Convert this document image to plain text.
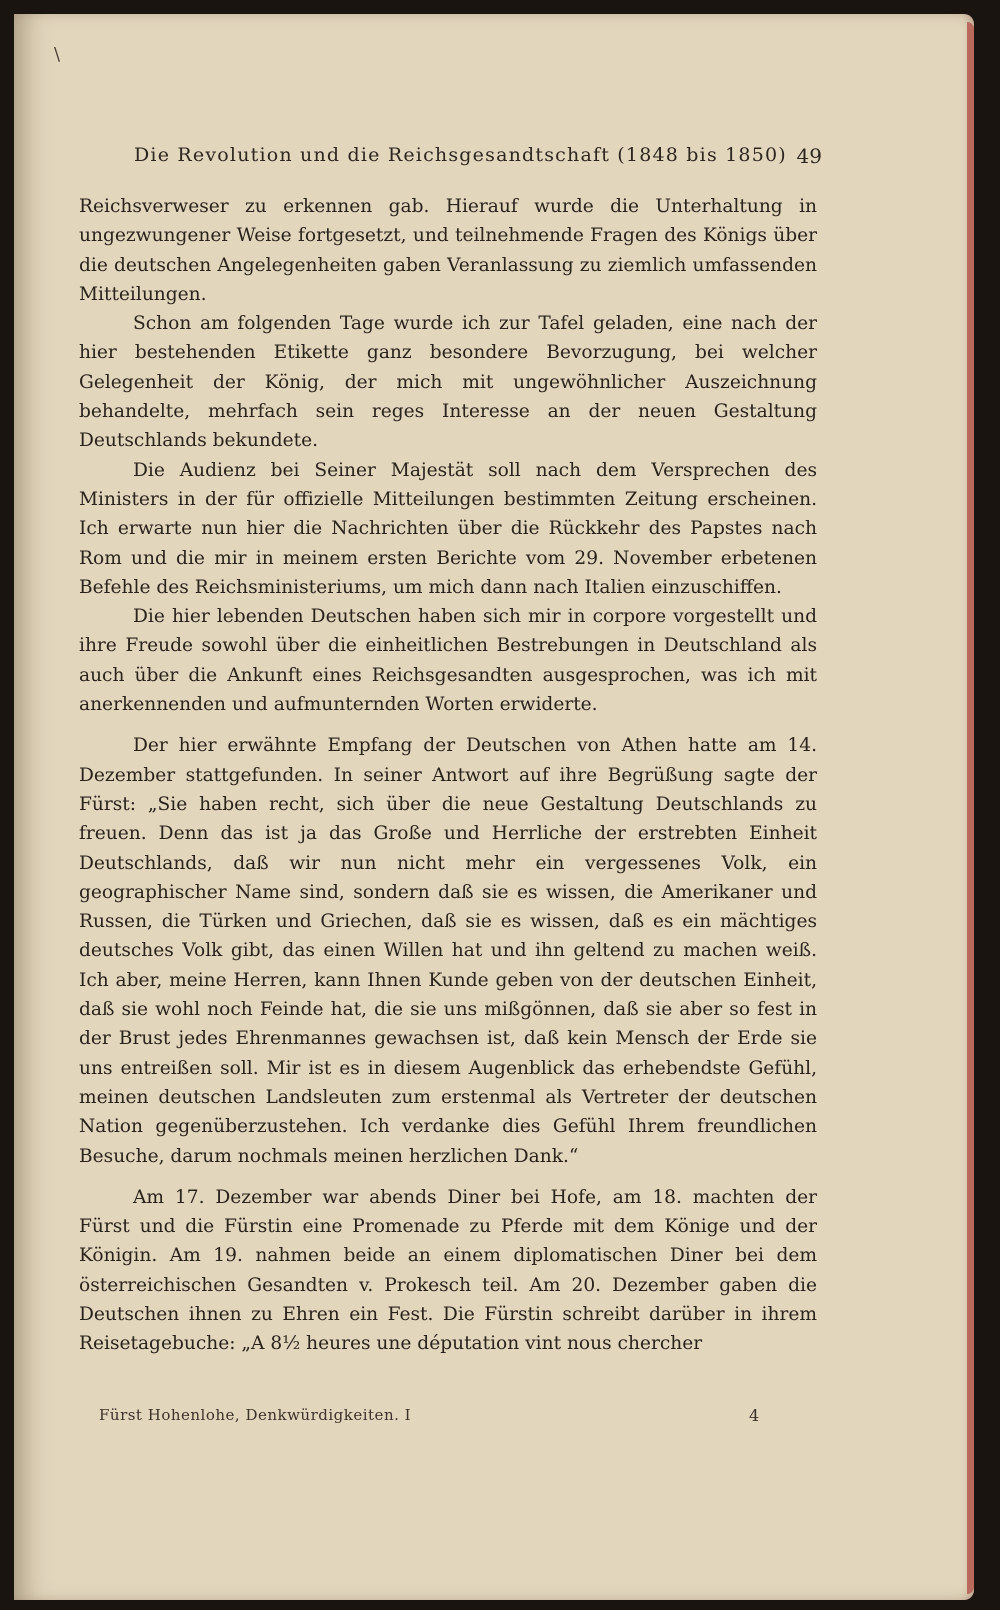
\
Die Revolution und die Reichsgesandtschaft (1848 bis 1850) 49

Reichsverweser zu erkennen gab. Hierauf wurde die Unterhaltung in ungezwungener Weise fortgesetzt, und teilnehmende Fragen des Königs über die deutschen Angelegenheiten gaben Veranlassung zu ziemlich umfassenden Mitteilungen.

Schon am folgenden Tage wurde ich zur Tafel geladen, eine nach der hier bestehenden Etikette ganz besondere Bevorzugung, bei welcher Gelegenheit der König, der mich mit ungewöhnlicher Auszeichnung behandelte, mehrfach sein reges Interesse an der neuen Gestaltung Deutschlands bekundete.

Die Audienz bei Seiner Majestät soll nach dem Versprechen des Ministers in der für offizielle Mitteilungen bestimmten Zeitung erscheinen. Ich erwarte nun hier die Nachrichten über die Rückkehr des Papstes nach Rom und die mir in meinem ersten Berichte vom 29. November erbetenen Befehle des Reichsministeriums, um mich dann nach Italien einzuschiffen.

Die hier lebenden Deutschen haben sich mir in corpore vorgestellt und ihre Freude sowohl über die einheitlichen Bestrebungen in Deutschland als auch über die Ankunft eines Reichsgesandten ausgesprochen, was ich mit anerkennenden und aufmunternden Worten erwiderte.

Der hier erwähnte Empfang der Deutschen von Athen hatte am 14. Dezember stattgefunden. In seiner Antwort auf ihre Begrüßung sagte der Fürst: „Sie haben recht, sich über die neue Gestaltung Deutschlands zu freuen. Denn das ist ja das Große und Herrliche der erstrebten Einheit Deutschlands, daß wir nun nicht mehr ein vergessenes Volk, ein geographischer Name sind, sondern daß sie es wissen, die Amerikaner und Russen, die Türken und Griechen, daß sie es wissen, daß es ein mächtiges deutsches Volk gibt, das einen Willen hat und ihn geltend zu machen weiß. Ich aber, meine Herren, kann Ihnen Kunde geben von der deutschen Einheit, daß sie wohl noch Feinde hat, die sie uns mißgönnen, daß sie aber so fest in der Brust jedes Ehrenmannes gewachsen ist, daß kein Mensch der Erde sie uns entreißen soll. Mir ist es in diesem Augenblick das erhebendste Gefühl, meinen deutschen Landsleuten zum erstenmal als Vertreter der deutschen Nation gegenüberzustehen. Ich verdanke dies Gefühl Ihrem freundlichen Besuche, darum nochmals meinen herzlichen Dank.“

Am 17. Dezember war abends Diner bei Hofe, am 18. machten der Fürst und die Fürstin eine Promenade zu Pferde mit dem Könige und der Königin. Am 19. nahmen beide an einem diplomatischen Diner bei dem österreichischen Gesandten v. Prokesch teil. Am 20. Dezember gaben die Deutschen ihnen zu Ehren ein Fest. Die Fürstin schreibt darüber in ihrem Reisetagebuche: „A 8½ heures une députation vint nous chercher

Fürst Hohenlohe, Denkwürdigkeiten. I	4
